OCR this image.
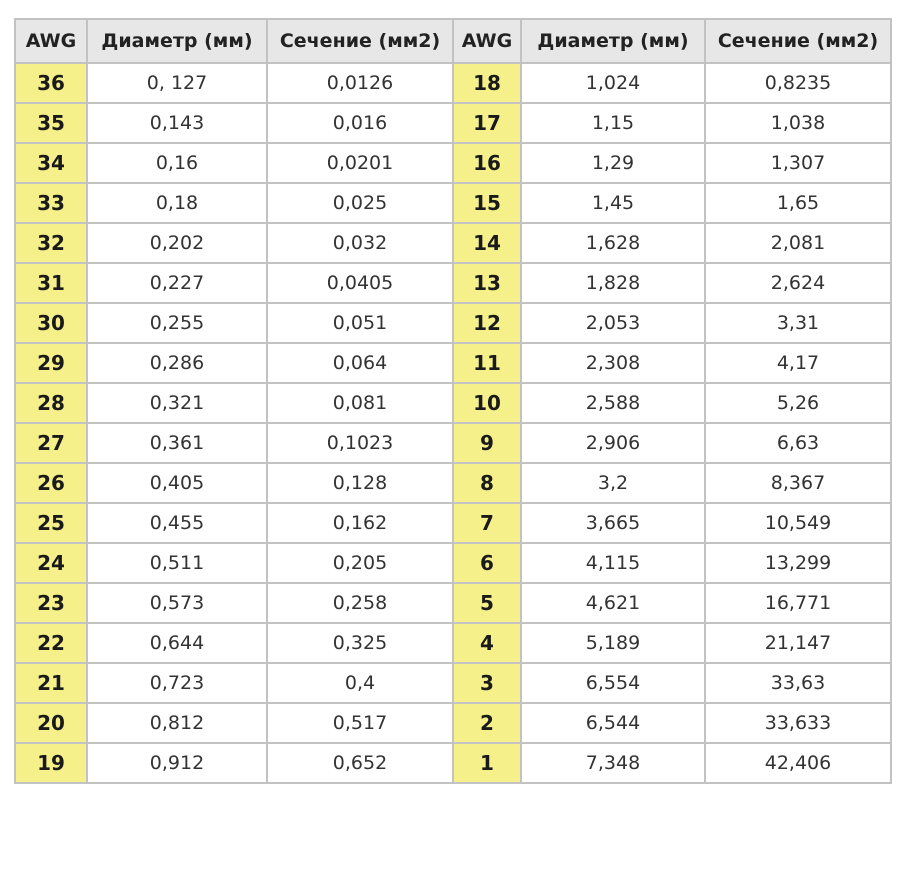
AWG	Диаметр (мм)	Сечение (мм2)	AWG	Диаметр (мм)	Сечение (мм2)
36	0, 127	0,0126	18	1,024	0,8235
35	0,143	0,016	17	1,15	1,038
34	0,16	0,0201	16	1,29	1,307
33	0,18	0,025	15	1,45	1,65
32	0,202	0,032	14	1,628	2,081
31	0,227	0,0405	13	1,828	2,624
30	0,255	0,051	12	2,053	3,31
29	0,286	0,064	11	2,308	4,17
28	0,321	0,081	10	2,588	5,26
27	0,361	0,1023	9	2,906	6,63
26	0,405	0,128	8	3,2	8,367
25	0,455	0,162	7	3,665	10,549
24	0,511	0,205	6	4,115	13,299
23	0,573	0,258	5	4,621	16,771
22	0,644	0,325	4	5,189	21,147
21	0,723	0,4	3	6,554	33,63
20	0,812	0,517	2	6,544	33,633
19	0,912	0,652	1	7,348	42,406
